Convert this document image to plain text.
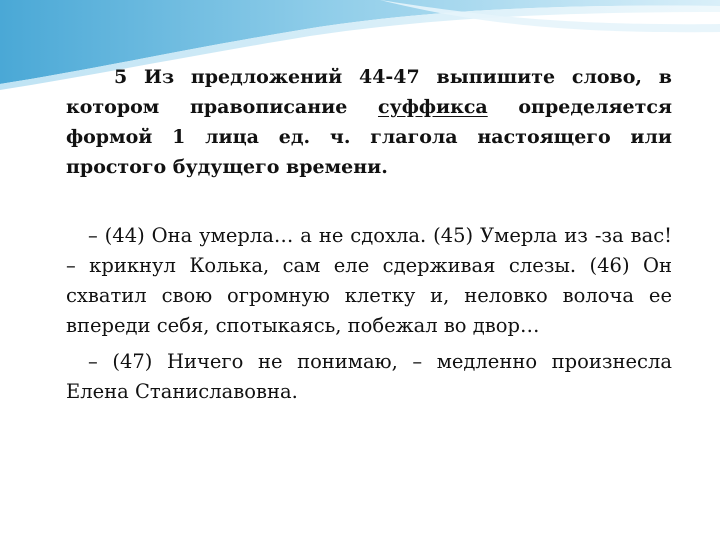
5 Из предложений 44-47 выпишите слово, в котором правописание суффикса определяется формой 1 лица ед. ч. глагола настоящего или простого будущего времени.

– (44) Она умерла… а не сдохла. (45) Умерла из -за вас! – крикнул Колька, сам еле сдерживая слезы. (46) Он схватил свою огромную клетку и, неловко волоча ее впереди себя, спотыкаясь, побежал во двор…

– (47) Ничего не понимаю, – медленно произнесла Елена Станиславовна.
